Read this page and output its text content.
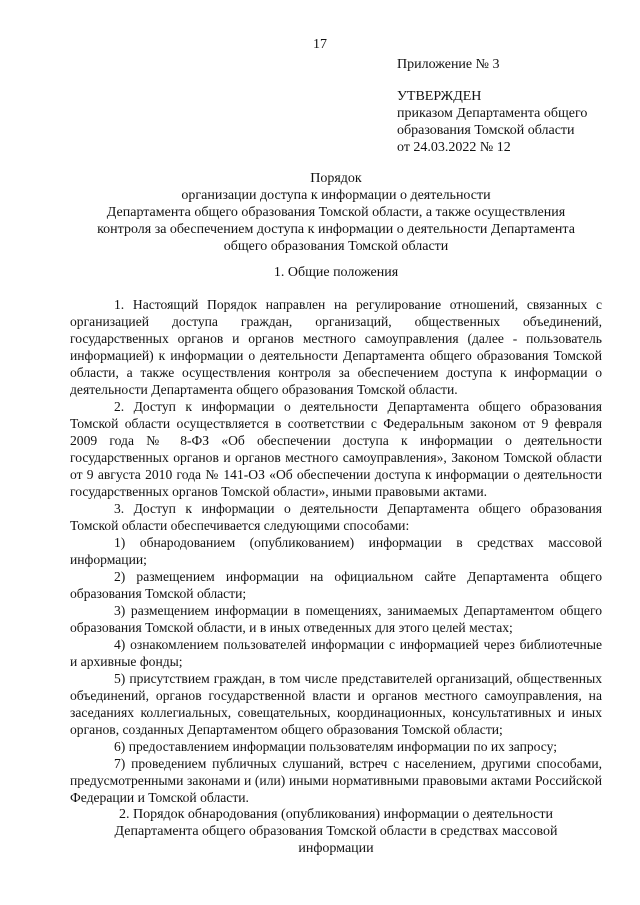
17
Приложение № 3
УТВЕРЖДЕН
приказом Департамента общего
образования Томской области
от 24.03.2022 № 12
Порядок
организации доступа к информации о деятельности
Департамента общего образования Томской области, а также осуществления
контроля за обеспечением доступа к информации о деятельности Департамента
общего образования Томской области
1. Общие положения

1. Настоящий Порядок направлен на регулирование отношений, связанных с организацией доступа граждан, организаций, общественных объединений, государственных органов и органов местного самоуправления (далее - пользователь информацией) к информации о деятельности Департамента общего образования Томской области, а также осуществления контроля за обеспечением доступа к информации о деятельности Департамента общего образования Томской области.

2. Доступ к информации о деятельности Департамента общего образования Томской области осуществляется в соответствии с Федеральным законом от 9 февраля 2009 года № 8-ФЗ «Об обеспечении доступа к информации о деятельности государственных органов и органов местного самоуправления», Законом Томской области от 9 августа 2010 года № 141-ОЗ «Об обеспечении доступа к информации о деятельности государственных органов Томской области», иными правовыми актами.

3. Доступ к информации о деятельности Департамента общего образования Томской области обеспечивается следующими способами:

1) обнародованием (опубликованием) информации в средствах массовой информации;

2) размещением информации на официальном сайте Департамента общего образования Томской области;

3) размещением информации в помещениях, занимаемых Департаментом общего образования Томской области, и в иных отведенных для этого целей местах;

4) ознакомлением пользователей информации с информацией через библиотечные и архивные фонды;

5) присутствием граждан, в том числе представителей организаций, общественных объединений, органов государственной власти и органов местного самоуправления, на заседаниях коллегиальных, совещательных, координационных, консультативных и иных органов, созданных Департаментом общего образования Томской области;

6) предоставлением информации пользователям информации по их запросу;

7) проведением публичных слушаний, встреч с населением, другими способами, предусмотренными законами и (или) иными нормативными правовыми актами Российской Федерации и Томской области.

2. Порядок обнародования (опубликования) информации о деятельности
Департамента общего образования Томской области в средствах массовой
информации
